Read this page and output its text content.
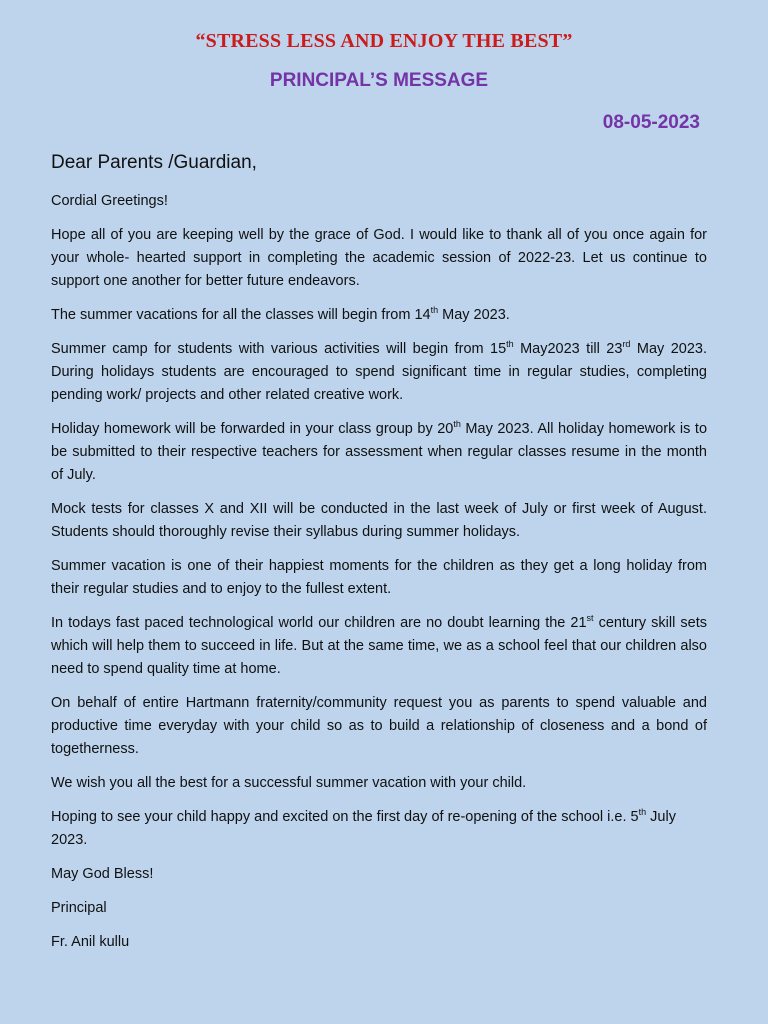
“STRESS LESS AND ENJOY THE BEST”
PRINCIPAL’S MESSAGE
08-05-2023
Dear Parents /Guardian,

Cordial Greetings!

Hope all of you are keeping well by the grace of God. I would like to thank all of you once again for your whole- hearted support in completing the academic session of 2022-23. Let us continue to support one another for better future endeavors.

The summer vacations for all the classes will begin from 14th May 2023.

Summer camp for students with various activities will begin from 15th May2023 till 23rd May 2023. During holidays students are encouraged to spend significant time in regular studies, completing pending work/ projects and other related creative work.

Holiday homework will be forwarded in your class group by 20th May 2023. All holiday homework is to be submitted to their respective teachers for assessment when regular classes resume in the month of July.

Mock tests for classes X and XII will be conducted in the last week of July or first week of August. Students should thoroughly revise their syllabus during summer holidays.

Summer vacation is one of their happiest moments for the children as they get a long holiday from their regular studies and to enjoy to the fullest extent.

In todays fast paced technological world our children are no doubt learning the 21st century skill sets which will help them to succeed in life. But at the same time, we as a school feel that our children also need to spend quality time at home.

On behalf of entire Hartmann fraternity/community request you as parents to spend valuable and productive time everyday with your child so as to build a relationship of closeness and a bond of togetherness.

We wish you all the best for a successful summer vacation with your child.

Hoping to see your child happy and excited on the first day of re-opening of the school i.e. 5th July 2023.

May God Bless!

Principal

Fr. Anil kullu
